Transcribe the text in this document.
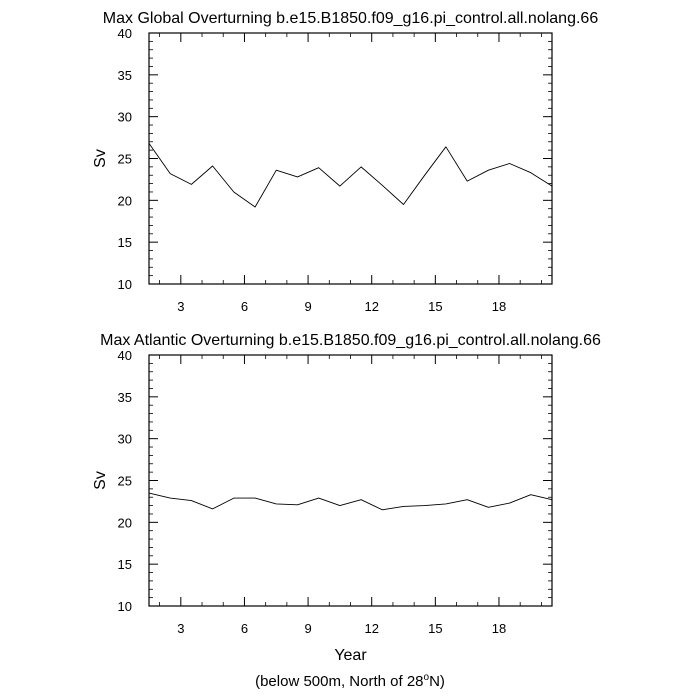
Max Global Overturning b.e15.B1850.f09_g16.pi_control.all.nolang.66
Sv
10
15
20
25
30
35
40
3	6	9	12	15	18
Max Atlantic Overturning b.e15.B1850.f09_g16.pi_control.all.nolang.66
Sv
Year
10
15
20
25
30
35
40
3	6	9	12	15	18
(below 500m, North of 28$^o$N)
